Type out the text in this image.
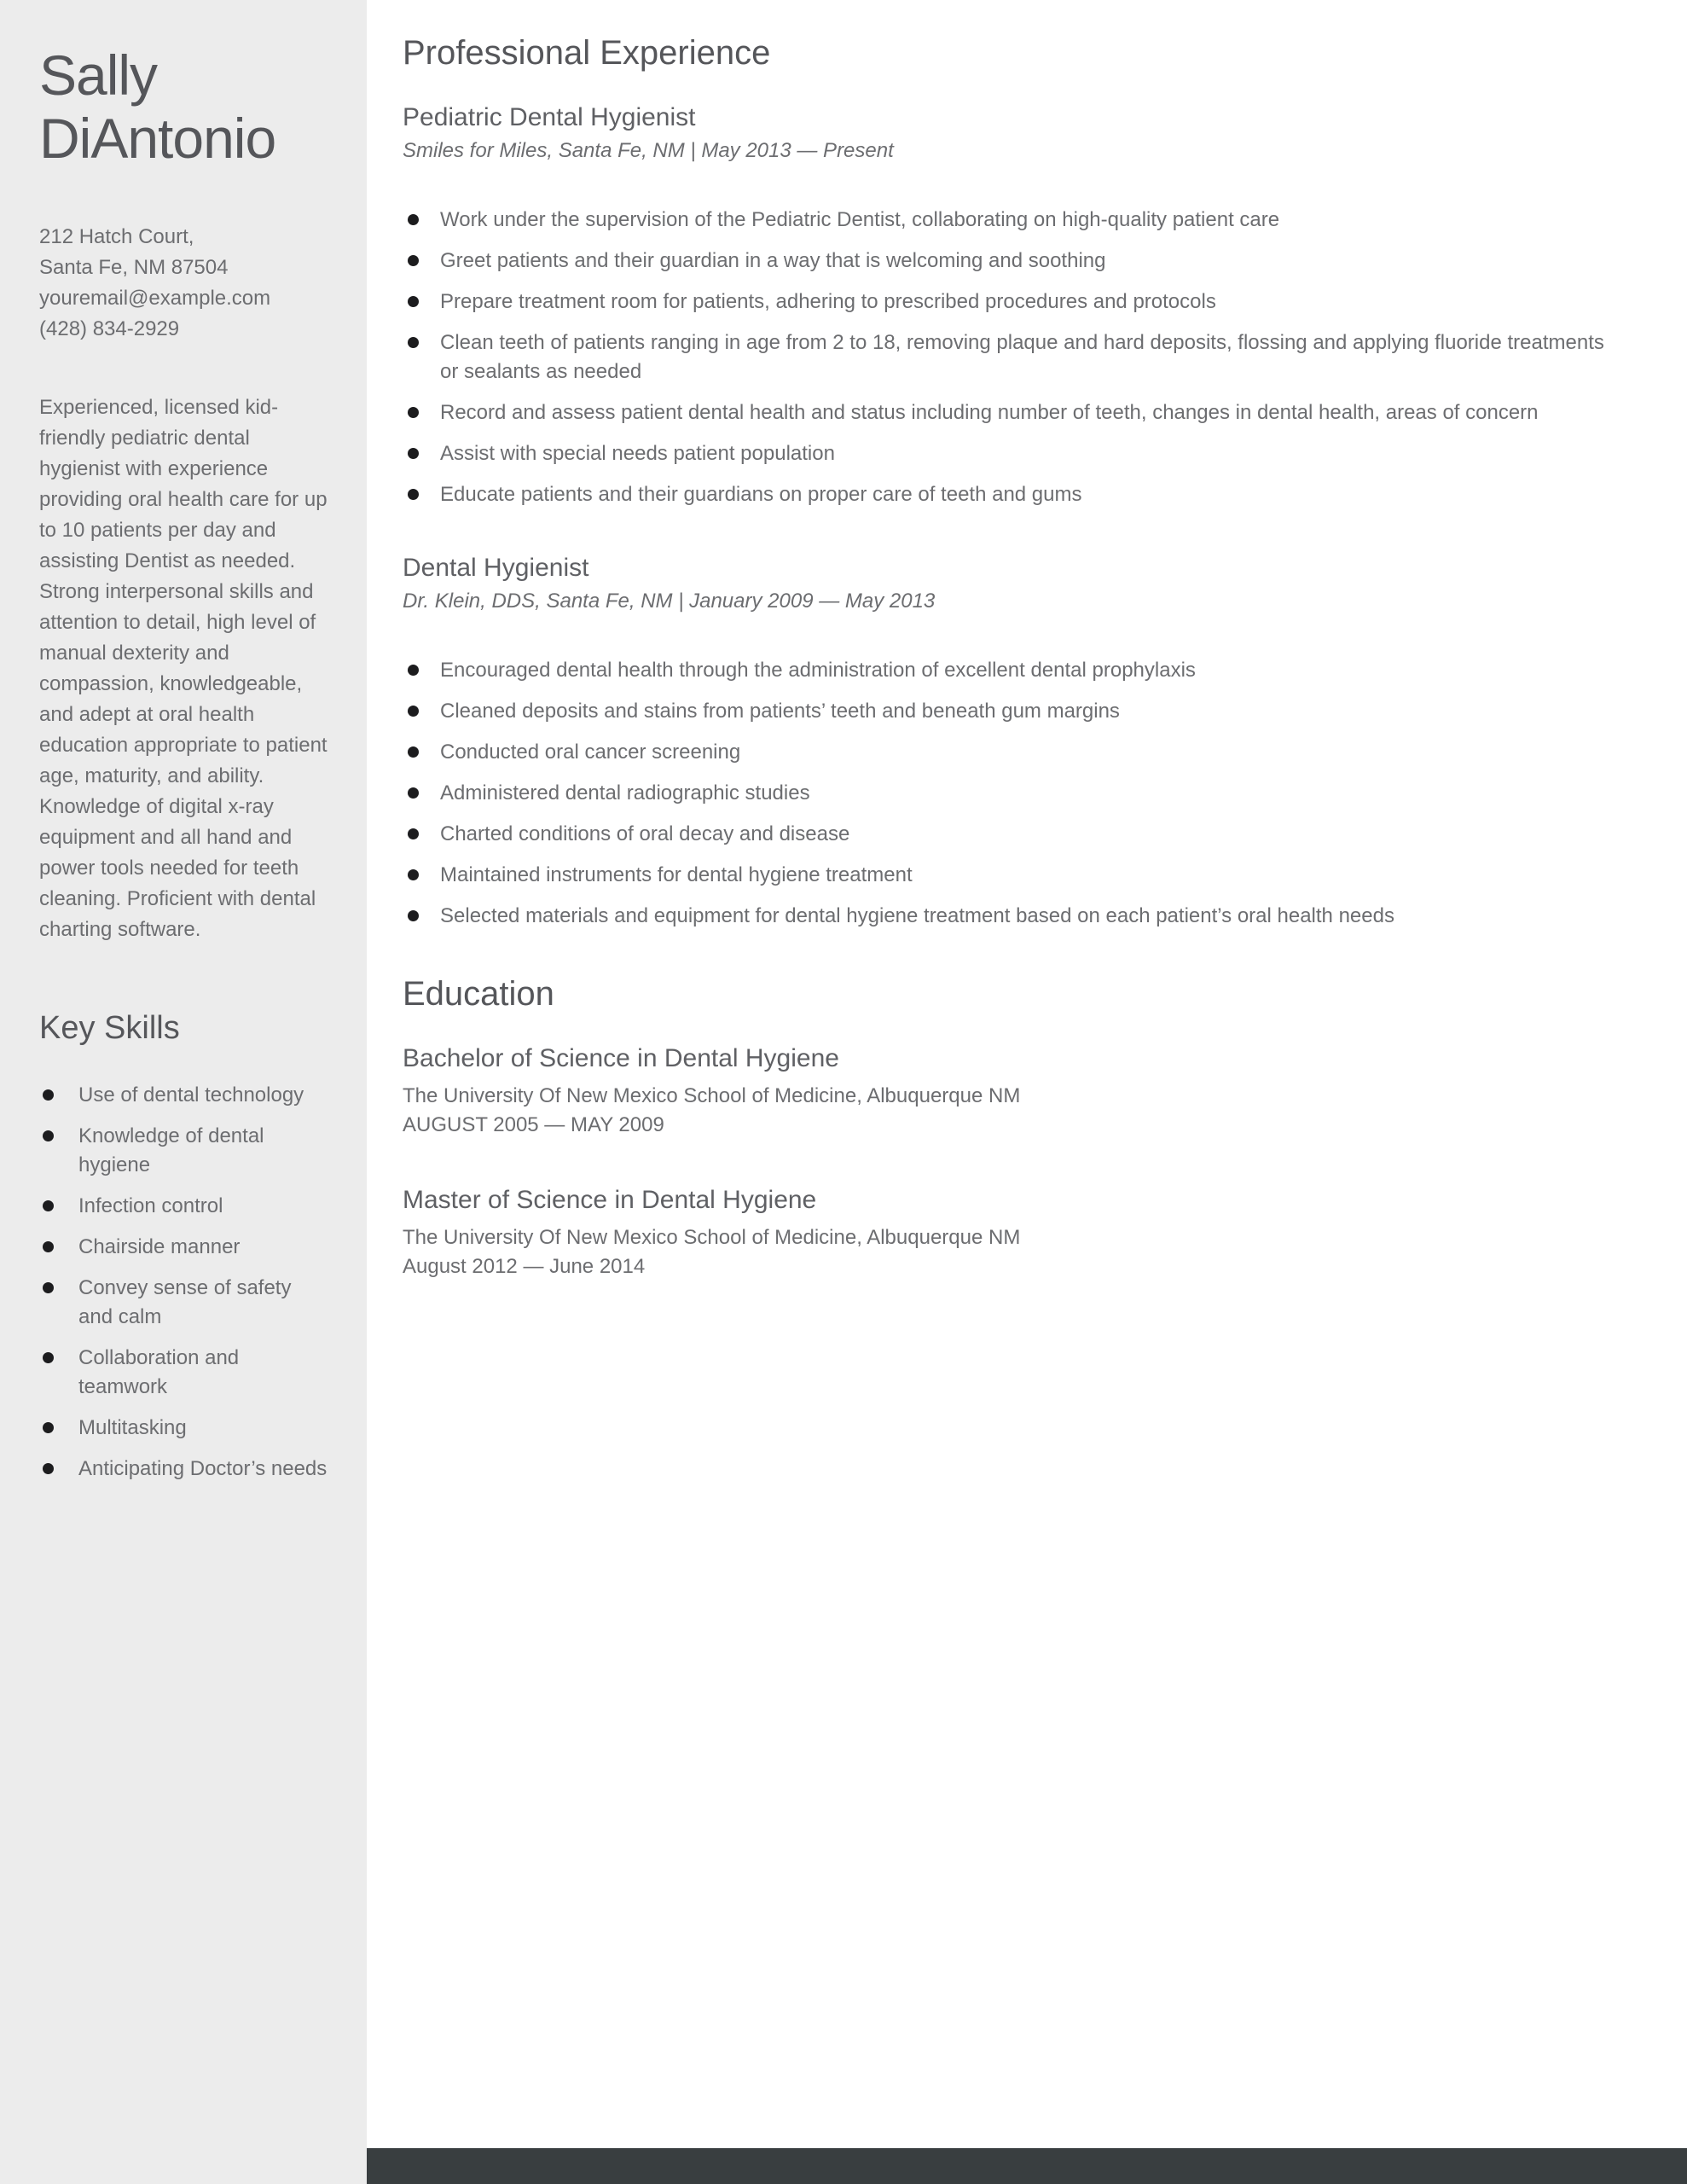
Sally
DiAntonio
212 Hatch Court,
Santa Fe, NM 87504
youremail@example.com
(428) 834-2929

Experienced, licensed kid-friendly pediatric dental hygienist with experience providing oral health care for up to 10 patients per day and assisting Dentist as needed. Strong interpersonal skills and attention to detail, high level of manual dexterity and compassion, knowledgeable, and adept at oral health education appropriate to patient age, maturity, and ability. Knowledge of digital x-ray equipment and all hand and power tools needed for teeth cleaning. Proficient with dental charting software.

Key Skills
Use of dental technology
Knowledge of dental hygiene
Infection control
Chairside manner
Convey sense of safety and calm
Collaboration and teamwork
Multitasking
Anticipating Doctor’s needs
Professional Experience
Pediatric Dental Hygienist

Smiles for Miles, Santa Fe, NM | May 2013 — Present

Work under the supervision of the Pediatric Dentist, collaborating on high-quality patient care
Greet patients and their guardian in a way that is welcoming and soothing
Prepare treatment room for patients, adhering to prescribed procedures and protocols
Clean teeth of patients ranging in age from 2 to 18, removing plaque and hard deposits, flossing and applying fluoride treatments or sealants as needed
Record and assess patient dental health and status including number of teeth, changes in dental health, areas of concern
Assist with special needs patient population
Educate patients and their guardians on proper care of teeth and gums
Dental Hygienist

Dr. Klein, DDS, Santa Fe, NM | January 2009 — May 2013

Encouraged dental health through the administration of excellent dental prophylaxis
Cleaned deposits and stains from patients’ teeth and beneath gum margins
Conducted oral cancer screening
Administered dental radiographic studies
Charted conditions of oral decay and disease
Maintained instruments for dental hygiene treatment
Selected materials and equipment for dental hygiene treatment based on each patient’s oral health needs
Education
Bachelor of Science in Dental Hygiene

The University Of New Mexico School of Medicine, Albuquerque NM

AUGUST 2005 — MAY 2009

Master of Science in Dental Hygiene

The University Of New Mexico School of Medicine, Albuquerque NM

August 2012 — June 2014
